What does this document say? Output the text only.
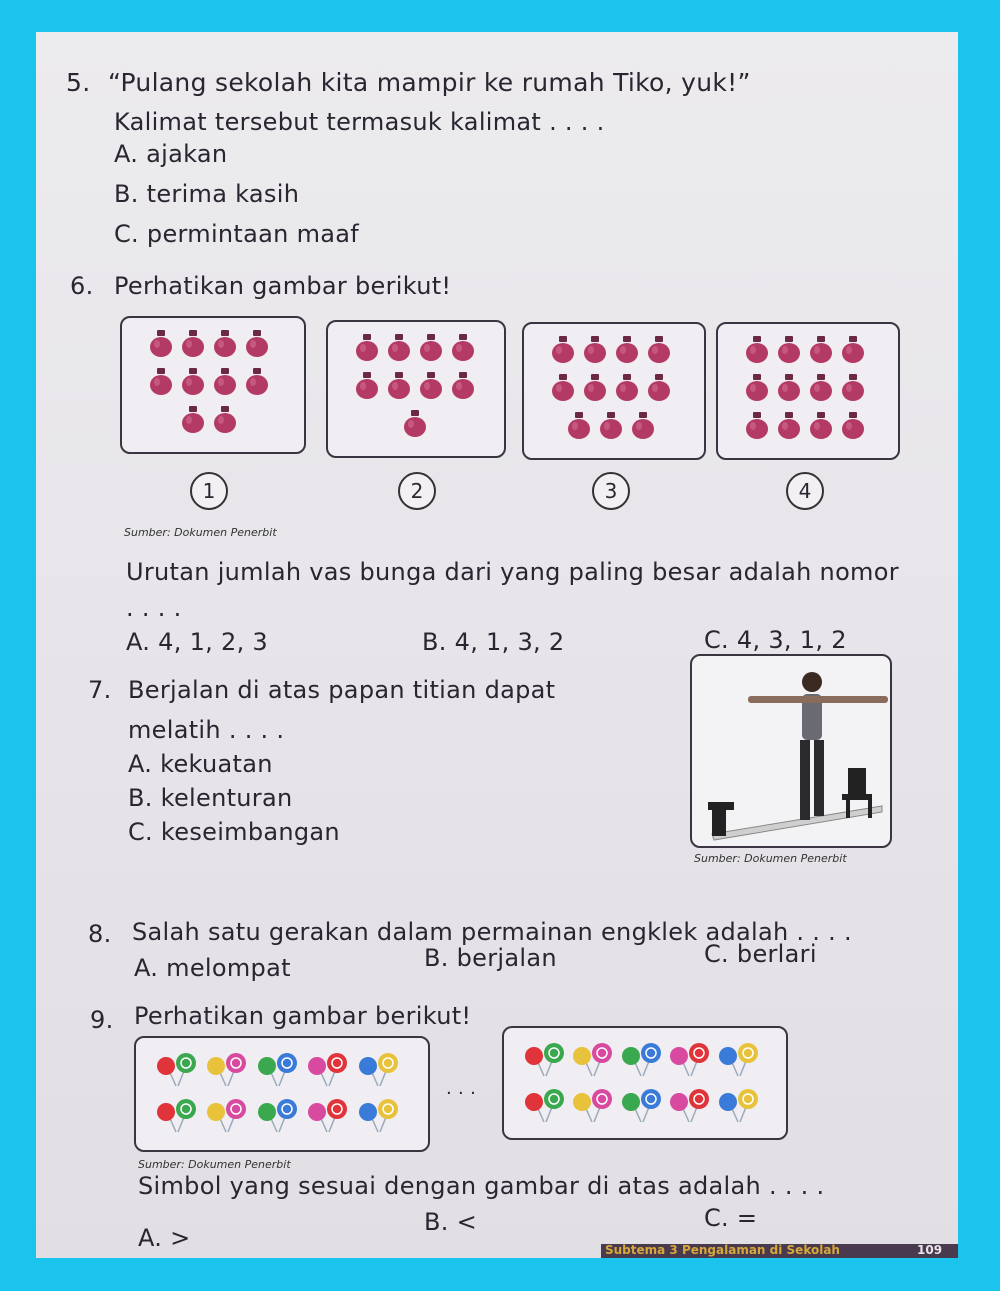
5. “Pulang sekolah kita mampir ke rumah Tiko, yuk!”
Kalimat tersebut termasuk kalimat . . . .
A. ajakan
B. terima kasih
C. permintaan maaf
6. Perhatikan gambar berikut!
1	2	3	4
Sumber: Dokumen Penerbit
Urutan jumlah vas bunga dari yang paling besar adalah nomor
. . . .
A. 4, 1, 2, 3	B. 4, 1, 3, 2	C. 4, 3, 1, 2
7. Berjalan di atas papan titian dapat
melatih . . . .
A. kekuatan
B. kelenturan
C. keseimbangan
Sumber: Dokumen Penerbit
8. Salah satu gerakan dalam permainan engklek adalah . . . .
A. melompat	B. berjalan	C. berlari
9. Perhatikan gambar berikut!
. . .
Sumber: Dokumen Penerbit
Simbol yang sesuai dengan gambar di atas adalah . . . .
A. >
B. <	C. =
Subtema 3 Pengalaman di Sekolah	109
